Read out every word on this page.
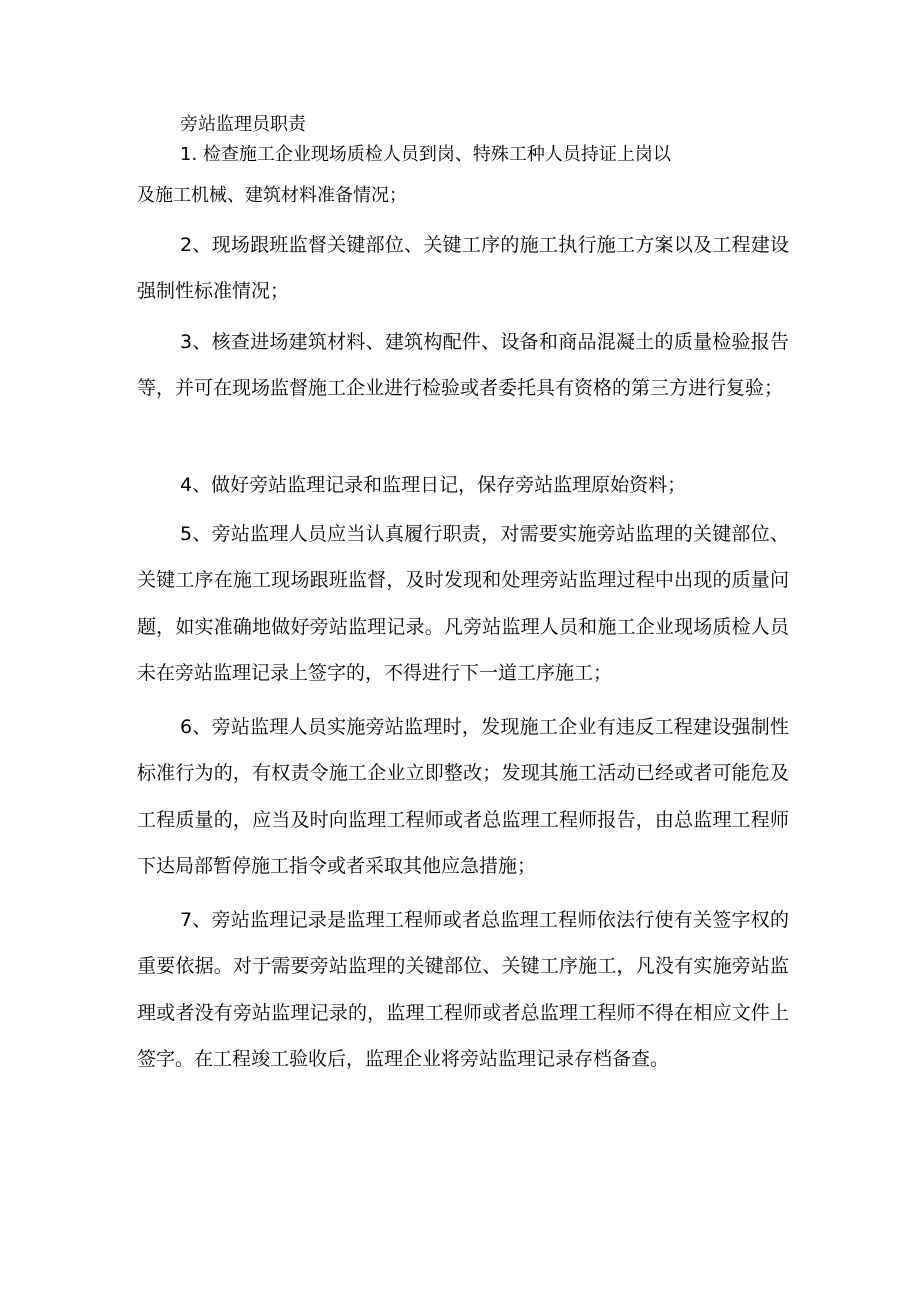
旁站监理员职责
1. 检查施工企业现场质检人员到岗、特殊工种人员持证上岗以
及施工机械、建筑材料准备情况；

2、现场跟班监督关键部位、关键工序的施工执行施工方案以及工程建设强制性标准情况；

3、核查进场建筑材料、建筑构配件、设备和商品混凝土的质量检验报告等，并可在现场监督施工企业进行检验或者委托具有资格的第三方进行复验；

4、做好旁站监理记录和监理日记，保存旁站监理原始资料；

5、旁站监理人员应当认真履行职责，对需要实施旁站监理的关键部位、关键工序在施工现场跟班监督，及时发现和处理旁站监理过程中出现的质量问题，如实准确地做好旁站监理记录。凡旁站监理人员和施工企业现场质检人员未在旁站监理记录上签字的，不得进行下一道工序施工；

6、旁站监理人员实施旁站监理时，发现施工企业有违反工程建设强制性标准行为的，有权责令施工企业立即整改；发现其施工活动已经或者可能危及工程质量的，应当及时向监理工程师或者总监理工程师报告，由总监理工程师下达局部暂停施工指令或者采取其他应急措施；

7、旁站监理记录是监理工程师或者总监理工程师依法行使有关签字权的重要依据。对于需要旁站监理的关键部位、关键工序施工，凡没有实施旁站监理或者没有旁站监理记录的，监理工程师或者总监理工程师不得在相应文件上签字。在工程竣工验收后，监理企业将旁站监理记录存档备查。
